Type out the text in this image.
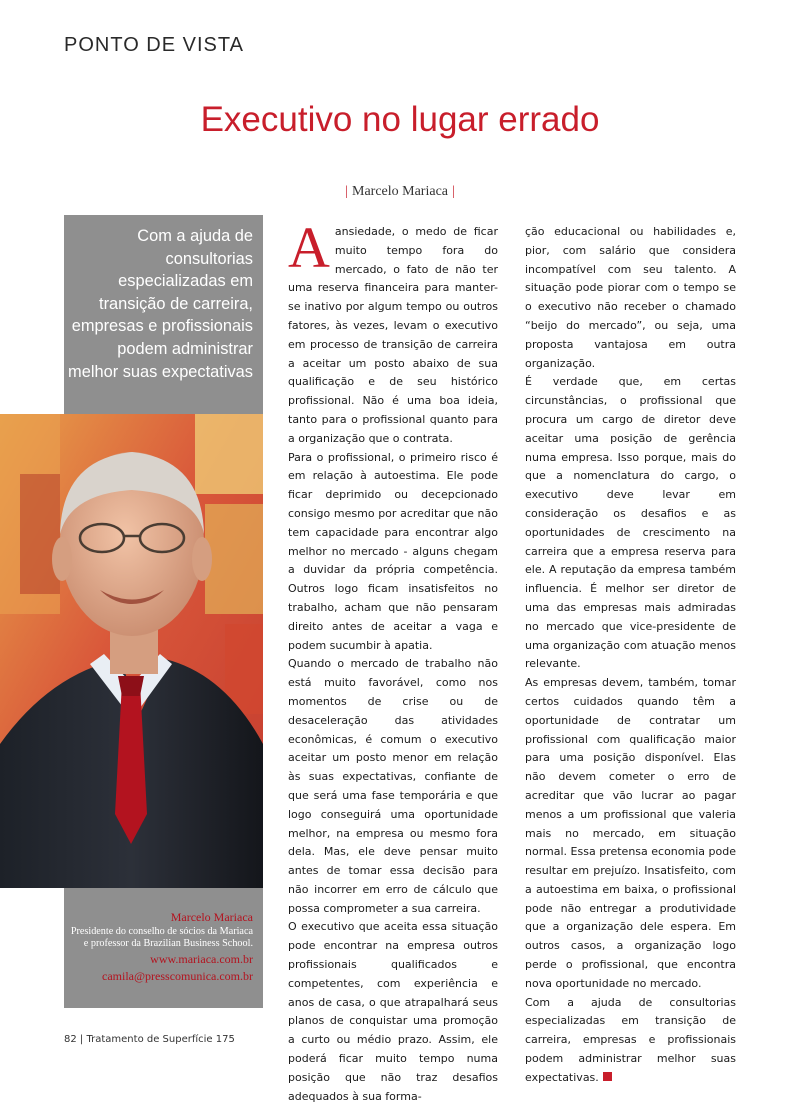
PONTO DE VISTA
Executivo no lugar errado
| Marcelo Mariaca |
Com a ajuda de consultorias especializadas em transição de carreira, empresas e profissionais podem administrar melhor suas expectativas
Marcelo Mariaca
Presidente do conselho de sócios da Mariaca e professor da Brazilian Business School.
www.mariaca.com.br
camila@presscomunica.com.br

Aansiedade, o medo de ficar muito tempo fora do mercado, o fato de não ter uma reserva financeira para manter-se inativo por algum tempo ou outros fatores, às vezes, levam o executivo em processo de transição de carreira a aceitar um posto abaixo de sua qualificação e de seu histórico profissional. Não é uma boa ideia, tanto para o profissional quanto para a organização que o contrata.

Para o profissional, o primeiro risco é em relação à autoestima. Ele pode ficar deprimido ou decepcionado consigo mesmo por acreditar que não tem capacidade para encontrar algo melhor no mercado - alguns chegam a duvidar da própria competência. Outros logo ficam insatisfeitos no trabalho, acham que não pensaram direito antes de aceitar a vaga e podem sucumbir à apatia.

Quando o mercado de trabalho não está muito favorável, como nos momentos de crise ou de desaceleração das atividades econômicas, é comum o executivo aceitar um posto menor em relação às suas expectativas, confiante de que será uma fase temporária e que logo conseguirá uma oportunidade melhor, na empresa ou mesmo fora dela. Mas, ele deve pensar muito antes de tomar essa decisão para não incorrer em erro de cálculo que possa comprometer a sua carreira.

O executivo que aceita essa situação pode encontrar na empresa outros profissionais qualificados e competentes, com experiência e anos de casa, o que atrapalhará seus planos de conquistar uma promoção a curto ou médio prazo. Assim, ele poderá ficar muito tempo numa posição que não traz desafios adequados à sua forma-

ção educacional ou habilidades e, pior, com salário que considera incompatível com seu talento. A situação pode piorar com o tempo se o executivo não receber o chamado “beijo do mercado”, ou seja, uma proposta vantajosa em outra organização.

É verdade que, em certas circunstâncias, o profissional que procura um cargo de diretor deve aceitar uma posição de gerência numa empresa. Isso porque, mais do que a nomenclatura do cargo, o executivo deve levar em consideração os desafios e as oportunidades de crescimento na carreira que a empresa reserva para ele. A reputação da empresa também influencia. É melhor ser diretor de uma das empresas mais admiradas no mercado que vice-presidente de uma organização com atuação menos relevante.

As empresas devem, também, tomar certos cuidados quando têm a oportunidade de contratar um profissional com qualificação maior para uma posição disponível. Elas não devem cometer o erro de acreditar que vão lucrar ao pagar menos a um profissional que valeria mais no mercado, em situação normal. Essa pretensa economia pode resultar em prejuízo. Insatisfeito, com a autoestima em baixa, o profissional pode não entregar a produtividade que a organização dele espera. Em outros casos, a organização logo perde o profissional, que encontra nova oportunidade no mercado.

Com a ajuda de consultorias especializadas em transição de carreira, empresas e profissionais podem administrar melhor suas expectativas.

82 | Tratamento de Superfície 175
